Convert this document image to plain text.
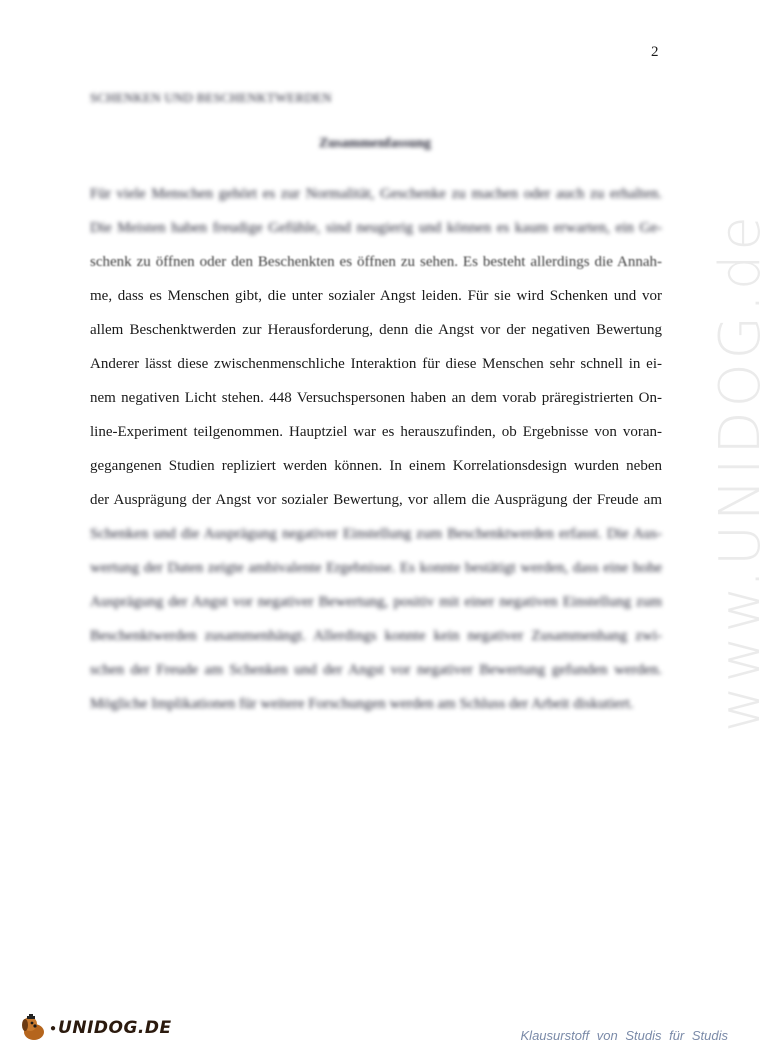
2
SCHENKEN UND BESCHENKTWERDEN
Zusammenfassung
www.UNIDOG.de
Für viele Menschen gehört es zur Normalität, Geschenke zu machen oder auch zu erhalten.
Die Meisten haben freudige Gefühle, sind neugierig und können es kaum erwarten, ein Ge-
schenk zu öffnen oder den Beschenkten es öffnen zu sehen. Es besteht allerdings die Annah-
me, dass es Menschen gibt, die unter sozialer Angst leiden. Für sie wird Schenken und vor
allem Beschenktwerden zur Herausforderung, denn die Angst vor der negativen Bewertung
Anderer lässt diese zwischenmenschliche Interaktion für diese Menschen sehr schnell in ei-
nem negativen Licht stehen. 448 Versuchspersonen haben an dem vorab präregistrierten On-
line-Experiment teilgenommen. Hauptziel war es herauszufinden, ob Ergebnisse von voran-
gegangenen Studien repliziert werden können. In einem Korrelationsdesign wurden neben
der Ausprägung der Angst vor sozialer Bewertung, vor allem die Ausprägung der Freude am
Schenken und die Ausprägung negativer Einstellung zum Beschenktwerden erfasst. Die Aus-
wertung der Daten zeigte ambivalente Ergebnisse. Es konnte bestätigt werden, dass eine hohe
Ausprägung der Angst vor negativer Bewertung, positiv mit einer negativen Einstellung zum
Beschenktwerden zusammenhängt. Allerdings konnte kein negativer Zusammenhang zwi-
schen der Freude am Schenken und der Angst vor negativer Bewertung gefunden werden.
Mögliche Implikationen für weitere Forschungen werden am Schluss der Arbeit diskutiert.
● UNIDOG.DE	Klausurstoff von Studis für Studis
